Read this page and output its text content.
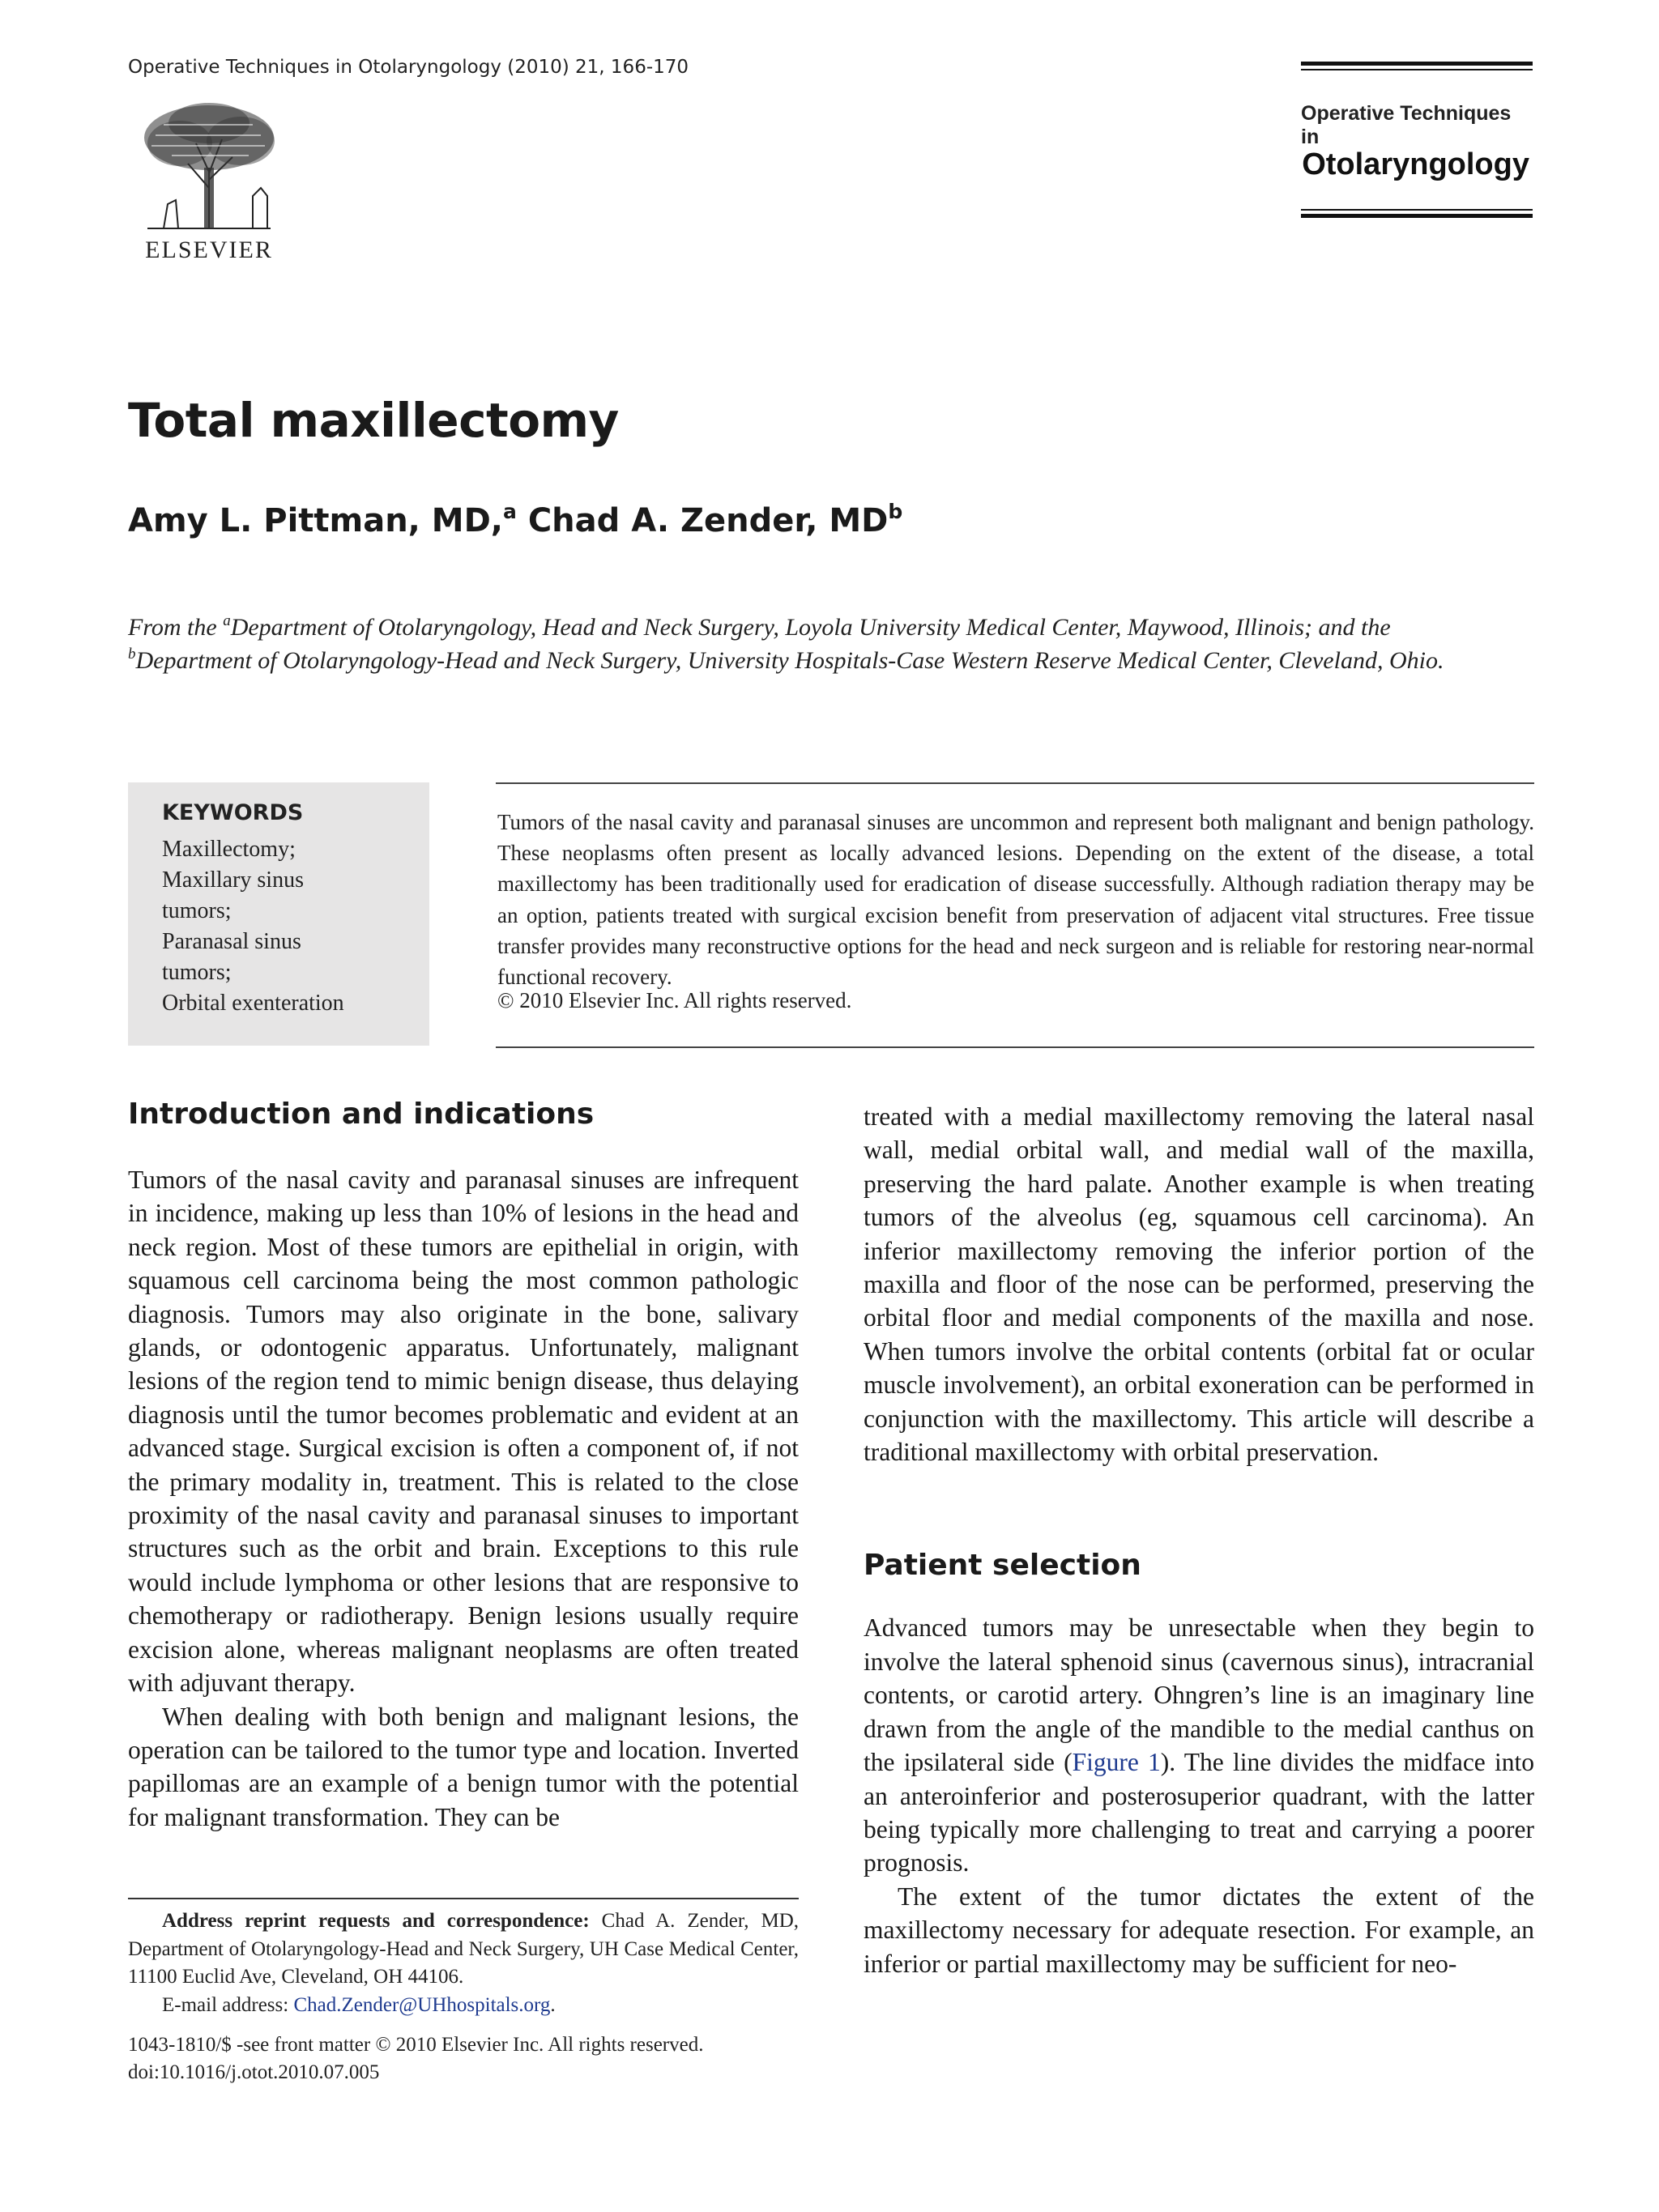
Operative Techniques in Otolaryngology (2010) 21, 166-170
ELSEVIER
Operative Techniques in
Otolaryngology
Total maxillectomy
Amy L. Pittman, MD,$^a$ Chad A. Zender, $MD^b$
From the $^a$Department of Otolaryngology, Head and Neck Surgery, Loyola University Medical Center, Maywood, Illinois; and the
$^b$Department of Otolaryngology-Head and Neck Surgery, University Hospitals-Case Western Reserve Medical Center, Cleveland, Ohio.
KEYWORDS
Maxillectomy;
Maxillary sinus
tumors;
Paranasal sinus
tumors;
Orbital exenteration

Tumors of the nasal cavity and paranasal sinuses are uncommon and represent both malignant and benign pathology. These neoplasms often present as locally advanced lesions. Depending on the extent of the disease, a total maxillectomy has been traditionally used for eradication of disease successfully. Although radiation therapy may be an option, patients treated with surgical excision benefit from preservation of adjacent vital structures. Free tissue transfer provides many reconstructive options for the head and neck surgeon and is reliable for restoring near-normal functional recovery.

© 2010 Elsevier Inc. All rights reserved.
Introduction and indications

Tumors of the nasal cavity and paranasal sinuses are infrequent in incidence, making up less than 10% of lesions in the head and neck region. Most of these tumors are epithelial in origin, with squamous cell carcinoma being the most common pathologic diagnosis. Tumors may also originate in the bone, salivary glands, or odontogenic apparatus. Unfortunately, malignant lesions of the region tend to mimic benign disease, thus delaying diagnosis until the tumor becomes problematic and evident at an advanced stage. Surgical excision is often a component of, if not the primary modality in, treatment. This is related to the close proximity of the nasal cavity and paranasal sinuses to important structures such as the orbit and brain. Exceptions to this rule would include lymphoma or other lesions that are responsive to chemotherapy or radiotherapy. Benign lesions usually require excision alone, whereas malignant neoplasms are often treated with adjuvant therapy.

When dealing with both benign and malignant lesions, the operation can be tailored to the tumor type and location. Inverted papillomas are an example of a benign tumor with the potential for malignant transformation. They can be

treated with a medial maxillectomy removing the lateral nasal wall, medial orbital wall, and medial wall of the maxilla, preserving the hard palate. Another example is when treating tumors of the alveolus (eg, squamous cell carcinoma). An inferior maxillectomy removing the inferior portion of the maxilla and floor of the nose can be performed, preserving the orbital floor and medial components of the maxilla and nose. When tumors involve the orbital contents (orbital fat or ocular muscle involvement), an orbital exoneration can be performed in conjunction with the maxillectomy. This article will describe a traditional maxillectomy with orbital preservation.

Patient selection

Advanced tumors may be unresectable when they begin to involve the lateral sphenoid sinus (cavernous sinus), intracranial contents, or carotid artery. Ohngren’s line is an imaginary line drawn from the angle of the mandible to the medial canthus on the ipsilateral side (Figure 1). The line divides the midface into an anteroinferior and posterosuperior quadrant, with the latter being typically more challenging to treat and carrying a poorer prognosis.

The extent of the tumor dictates the extent of the maxillectomy necessary for adequate resection. For example, an inferior or partial maxillectomy may be sufficient for neo-

Address reprint requests and correspondence: Chad A. Zender, MD, Department of Otolaryngology-Head and Neck Surgery, UH Case Medical Center, 11100 Euclid Ave, Cleveland, OH 44106.

E-mail address: Chad.Zender@UHhospitals.org.

1043-1810/$ -see front matter © 2010 Elsevier Inc. All rights reserved.
doi:10.1016/j.otot.2010.07.005
